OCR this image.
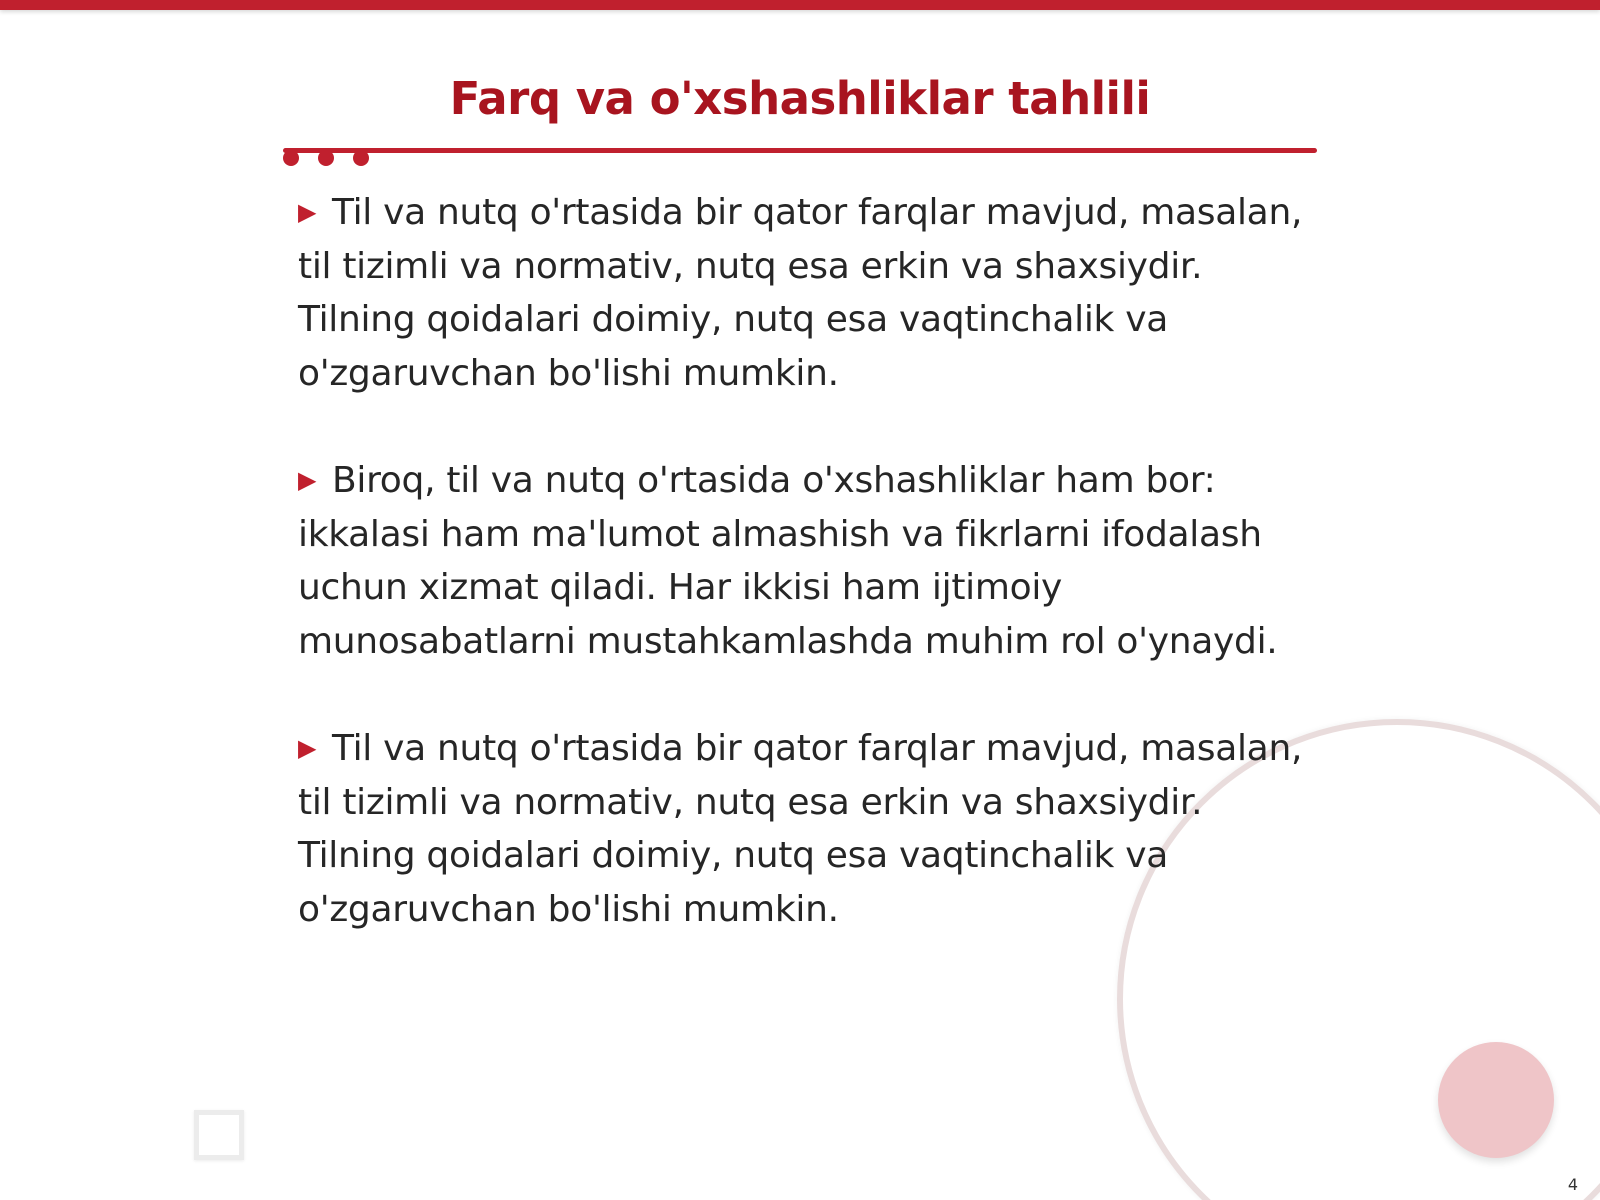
Farq va o'xshashliklar tahlili

▶ Til va nutq o'rtasida bir qator farqlar mavjud, masalan, til tizimli va normativ, nutq esa erkin va shaxsiydir. Tilning qoidalari doimiy, nutq esa vaqtinchalik va o'zgaruvchan bo'lishi mumkin.

▶ Biroq, til va nutq o'rtasida o'xshashliklar ham bor: ikkalasi ham ma'lumot almashish va fikrlarni ifodalash uchun xizmat qiladi. Har ikkisi ham ijtimoiy munosabatlarni mustahkamlashda muhim rol o'ynaydi.

▶ Til va nutq o'rtasida bir qator farqlar mavjud, masalan, til tizimli va normativ, nutq esa erkin va shaxsiydir. Tilning qoidalari doimiy, nutq esa vaqtinchalik va o'zgaruvchan bo'lishi mumkin.

4
